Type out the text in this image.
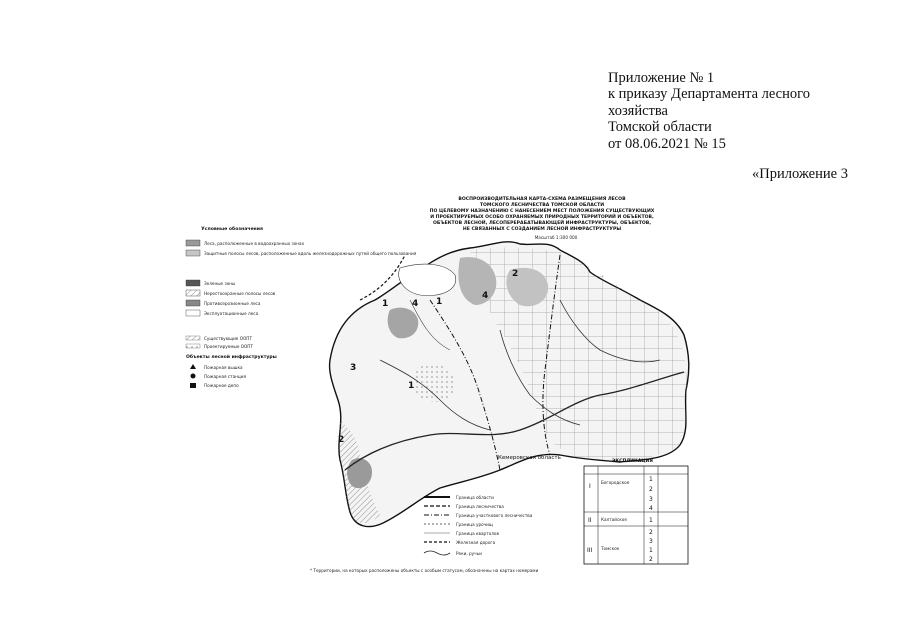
Приложение № 1
к приказу Департамента лесного
хозяйства
Томской области
от 08.06.2021 № 15
«Приложение 3
ВОСПРОИЗВОДИТЕЛЬНАЯ КАРТА-СХЕМА РАЗМЕЩЕНИЯ ЛЕСОВ
ТОМСКОГО ЛЕСНИЧЕСТВА ТОМСКОЙ ОБЛАСТИ
ПО ЦЕЛЕВОМУ НАЗНАЧЕНИЮ С НАНЕСЕНИЕМ МЕСТ ПОЛОЖЕНИЯ СУЩЕСТВУЮЩИХ
И ПРОЕКТИРУЕМЫХ ОСОБО ОХРАНЯЕМЫХ ПРИРОДНЫХ ТЕРРИТОРИЙ И ОБЪЕКТОВ,
ОБЪЕКТОВ ЛЕСНОЙ, ЛЕСОПЕРЕРАБАТЫВАЮЩЕЙ ИНФРАСТРУКТУРЫ, ОБЪЕКТОВ,
НЕ СВЯЗАННЫХ С СОЗДАНИЕМ ЛЕСНОЙ ИНФРАСТРУКТУРЫ
Масштаб 1:300 000
Кемеровская область
1
2
3
4 1
2
4
1
Условные обозначения
Леса, расположенные в водоохранных зонах
Защитные полосы лесов, расположенные вдоль железнодорожных путей общего пользования
Зеленые зоны
Нерестоохранные полосы лесов
Противоэрозионные леса
Эксплуатационные леса
Существующие ООПТ
Проектируемые ООПТ
Объекты лесной инфраструктуры
Пожарная вышка
Пожарная станция
Пожарное депо
Граница области
Граница лесничества
Граница участкового лесничества
Граница урочищ
Граница кварталов
Железная дорога
Реки, ручьи
ЭКСПЛИКАЦИЯ
I
Богородское	1
2
3
4
II Калтайское	1
III Томское
2
3
1
2
* Территории, на которых расположены объекты с особым статусом, обозначены на картах номерами
